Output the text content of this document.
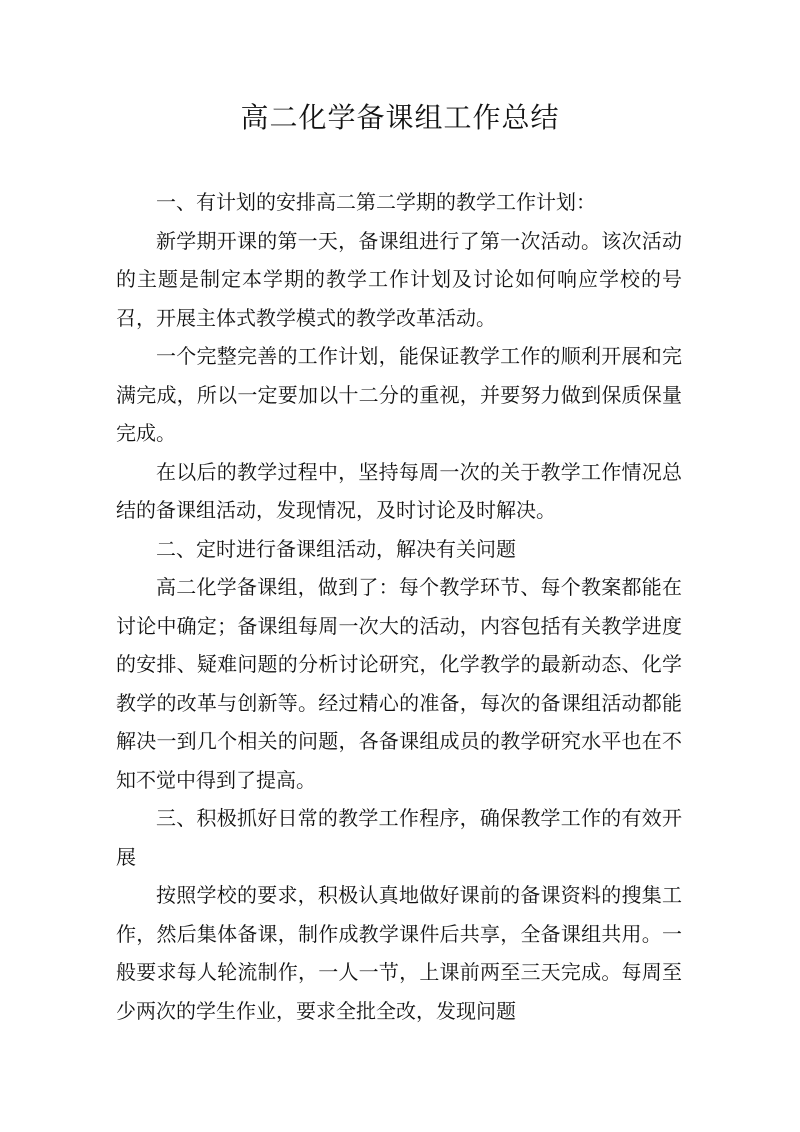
高二化学备课组工作总结

一、有计划的安排高二第二学期的教学工作计划：

新学期开课的第一天，备课组进行了第一次活动。该次活动的主题是制定本学期的教学工作计划及讨论如何响应学校的号召，开展主体式教学模式的教学改革活动。

一个完整完善的工作计划，能保证教学工作的顺利开展和完满完成，所以一定要加以十二分的重视，并要努力做到保质保量完成。

在以后的教学过程中，坚持每周一次的关于教学工作情况总结的备课组活动，发现情况，及时讨论及时解决。

二、定时进行备课组活动，解决有关问题

高二化学备课组，做到了：每个教学环节、每个教案都能在讨论中确定；备课组每周一次大的活动，内容包括有关教学进度的安排、疑难问题的分析讨论研究，化学教学的最新动态、化学教学的改革与创新等。经过精心的准备，每次的备课组活动都能解决一到几个相关的问题，各备课组成员的教学研究水平也在不知不觉中得到了提高。

三、积极抓好日常的教学工作程序，确保教学工作的有效开展

按照学校的要求，积极认真地做好课前的备课资料的搜集工作，然后集体备课，制作成教学课件后共享，全备课组共用。一般要求每人轮流制作，一人一节，上课前两至三天完成。每周至少两次的学生作业，要求全批全改，发现问题
